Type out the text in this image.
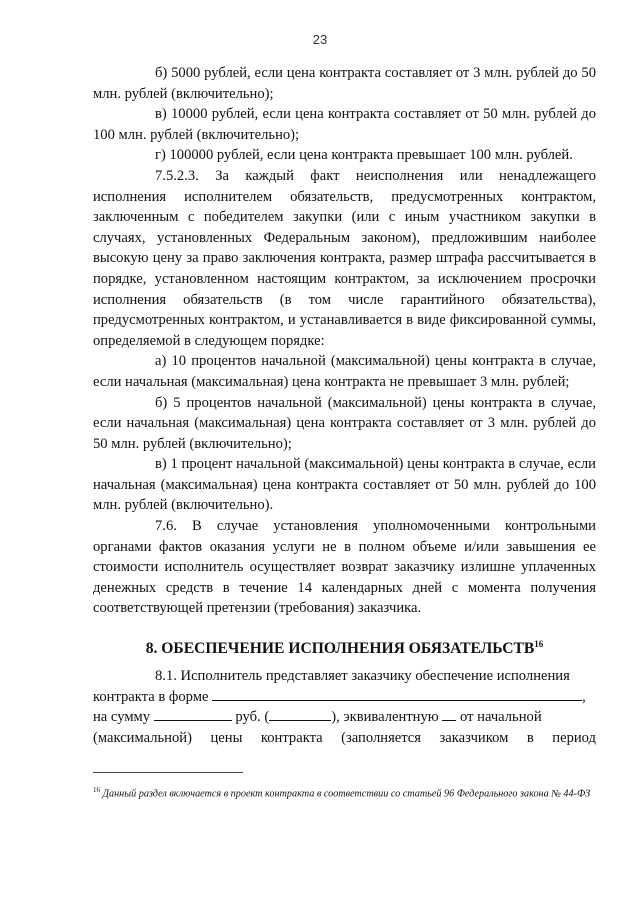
23

б) 5000 рублей, если цена контракта составляет от 3 млн. рублей до 50 млн. рублей (включительно);

в) 10000 рублей, если цена контракта составляет от 50 млн. рублей до 100 млн. рублей (включительно);

г) 100000 рублей, если цена контракта превышает 100 млн. рублей.

7.5.2.3. За каждый факт неисполнения или ненадлежащего исполнения исполнителем обязательств, предусмотренных контрактом, заключенным с победителем закупки (или с иным участником закупки в случаях, установленных Федеральным законом), предложившим наиболее высокую цену за право заключения контракта, размер штрафа рассчитывается в порядке, установленном настоящим контрактом, за исключением просрочки исполнения обязательств (в том числе гарантийного обязательства), предусмотренных контрактом, и устанавливается в виде фиксированной суммы, определяемой в следующем порядке:

а) 10 процентов начальной (максимальной) цены контракта в случае, если начальная (максимальная) цена контракта не превышает 3 млн. рублей;

б) 5 процентов начальной (максимальной) цены контракта в случае, если начальная (максимальная) цена контракта составляет от 3 млн. рублей до 50 млн. рублей (включительно);

в) 1 процент начальной (максимальной) цены контракта в случае, если начальная (максимальная) цена контракта составляет от 50 млн. рублей до 100 млн. рублей (включительно).

7.6. В случае установления уполномоченными контрольными органами фактов оказания услуги не в полном объеме и/или завышения ее стоимости исполнитель осуществляет возврат заказчику излишне уплаченных денежных средств в течение 14 календарных дней с момента получения соответствующей претензии (требования) заказчика.

8. ОБЕСПЕЧЕНИЕ ИСПОЛНЕНИЯ ОБЯЗАТЕЛЬСТВ$^{16}$

8.1. Исполнитель представляет заказчику обеспечение исполнения контракта в форме	,
на сумму	руб. (	), эквивалентную от начальной

(максимальной) цены контракта (заполняется заказчиком в период

$^{16}$ Данный раздел включается в проект контракта в соответствии со статьей 96 Федерального закона № 44-ФЗ
